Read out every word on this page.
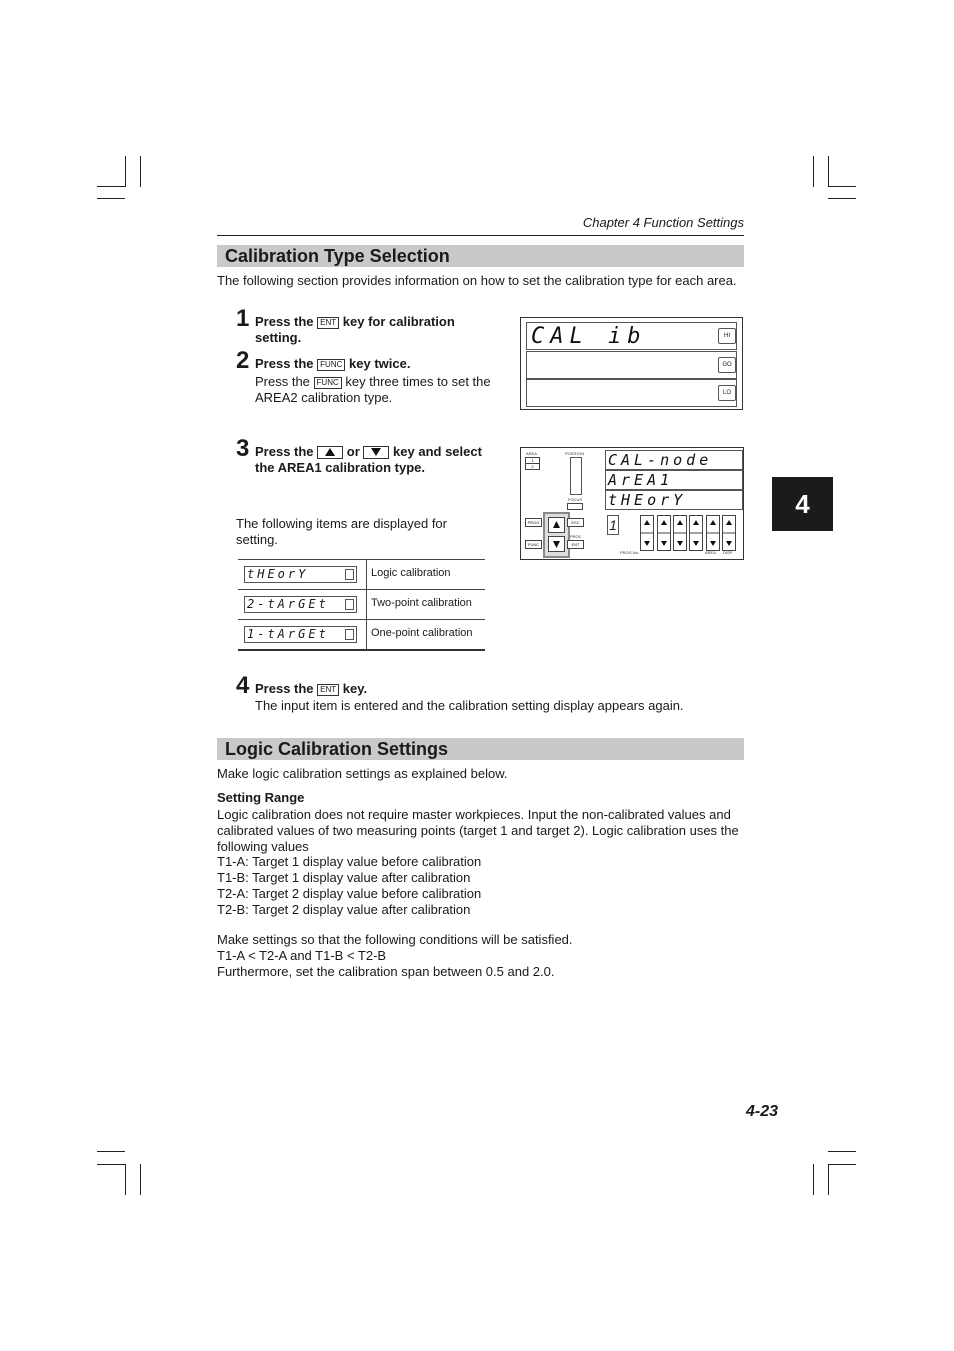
Chapter 4 Function Settings
Calibration Type Selection
The following section provides information on how to set the calibration type for each area.
1 Press the ENT key for calibration
setting.
2 Press the FUNC key twice.
Press the FUNC key three times to set the
AREA2 calibration type.
CAL ib	HI
GO
LO
3 Press the	or	key and select
the AREA1 calibration type.
AREA
1
2
POSITION
FOCUS
PROG
FUNC
ESC
PROC
ENT
CAL-node
ArEA1
tHEorY
1
PROG.No.	AREA DISP
The following items are displayed for setting.
tHEorY	Logic calibration
2-tArGEt	Two-point calibration
1-tArGEt	One-point calibration
4 Press the ENT key.
The input item is entered and the calibration setting display appears again.
Logic Calibration Settings
Make logic calibration settings as explained below.
Setting Range
Logic calibration does not require master workpieces. Input the non-calibrated values and
calibrated values of two measuring points (target 1 and target 2). Logic calibration uses the
following values
T1-A: Target 1 display value before calibration
T1-B: Target 1 display value after calibration
T2-A: Target 2 display value before calibration
T2-B: Target 2 display value after calibration
Make settings so that the following conditions will be satisfied.
T1-A < T2-A and T1-B < T2-B
Furthermore, set the calibration span between 0.5 and 2.0.
4
4-23
